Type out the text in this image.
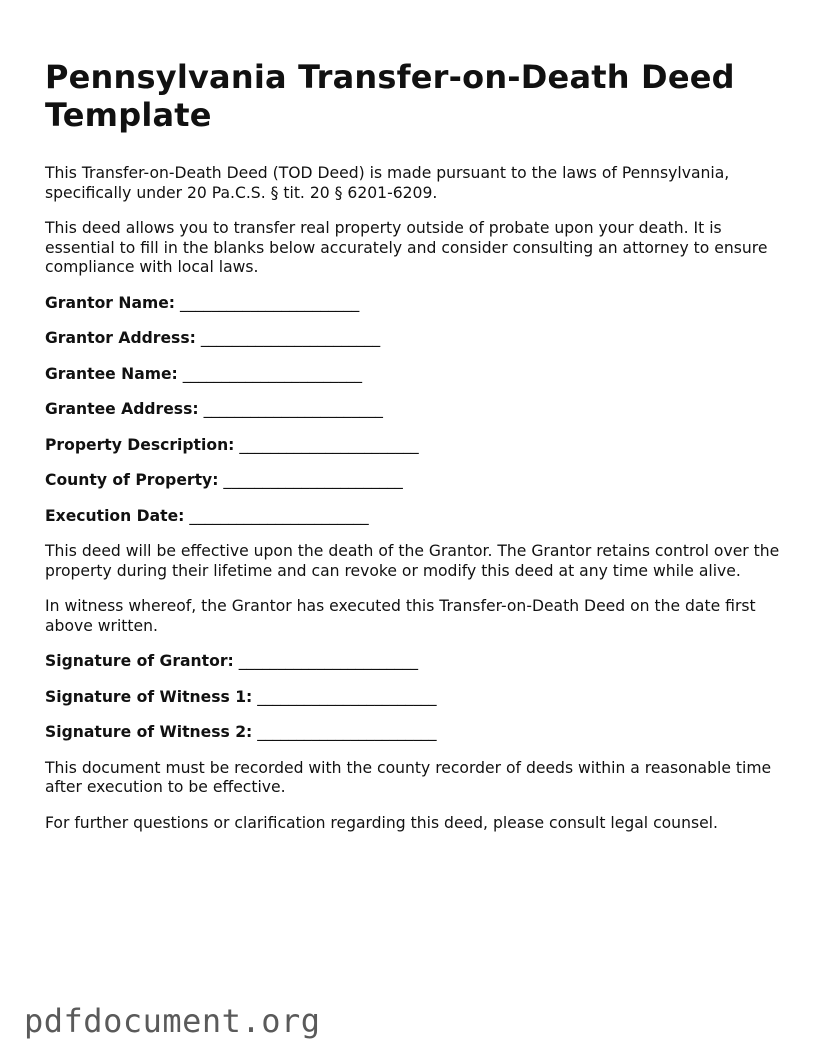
Pennsylvania Transfer-on-Death Deed Template

This Transfer-on-Death Deed (TOD Deed) is made pursuant to the laws of Pennsylvania, specifically under 20 Pa.C.S. § tit. 20 § 6201-6209.

This deed allows you to transfer real property outside of probate upon your death. It is essential to fill in the blanks below accurately and consider consulting an attorney to ensure compliance with local laws.

Grantor Name: _______________________
Grantor Address: _______________________
Grantee Name: _______________________
Grantee Address: _______________________
Property Description: _______________________
County of Property: _______________________
Execution Date: _______________________

This deed will be effective upon the death of the Grantor. The Grantor retains control over the property during their lifetime and can revoke or modify this deed at any time while alive.

In witness whereof, the Grantor has executed this Transfer-on-Death Deed on the date first above written.

Signature of Grantor: _______________________
Signature of Witness 1: _______________________
Signature of Witness 2: _______________________

This document must be recorded with the county recorder of deeds within a reasonable time after execution to be effective.

For further questions or clarification regarding this deed, please consult legal counsel.

pdfdocument.org
